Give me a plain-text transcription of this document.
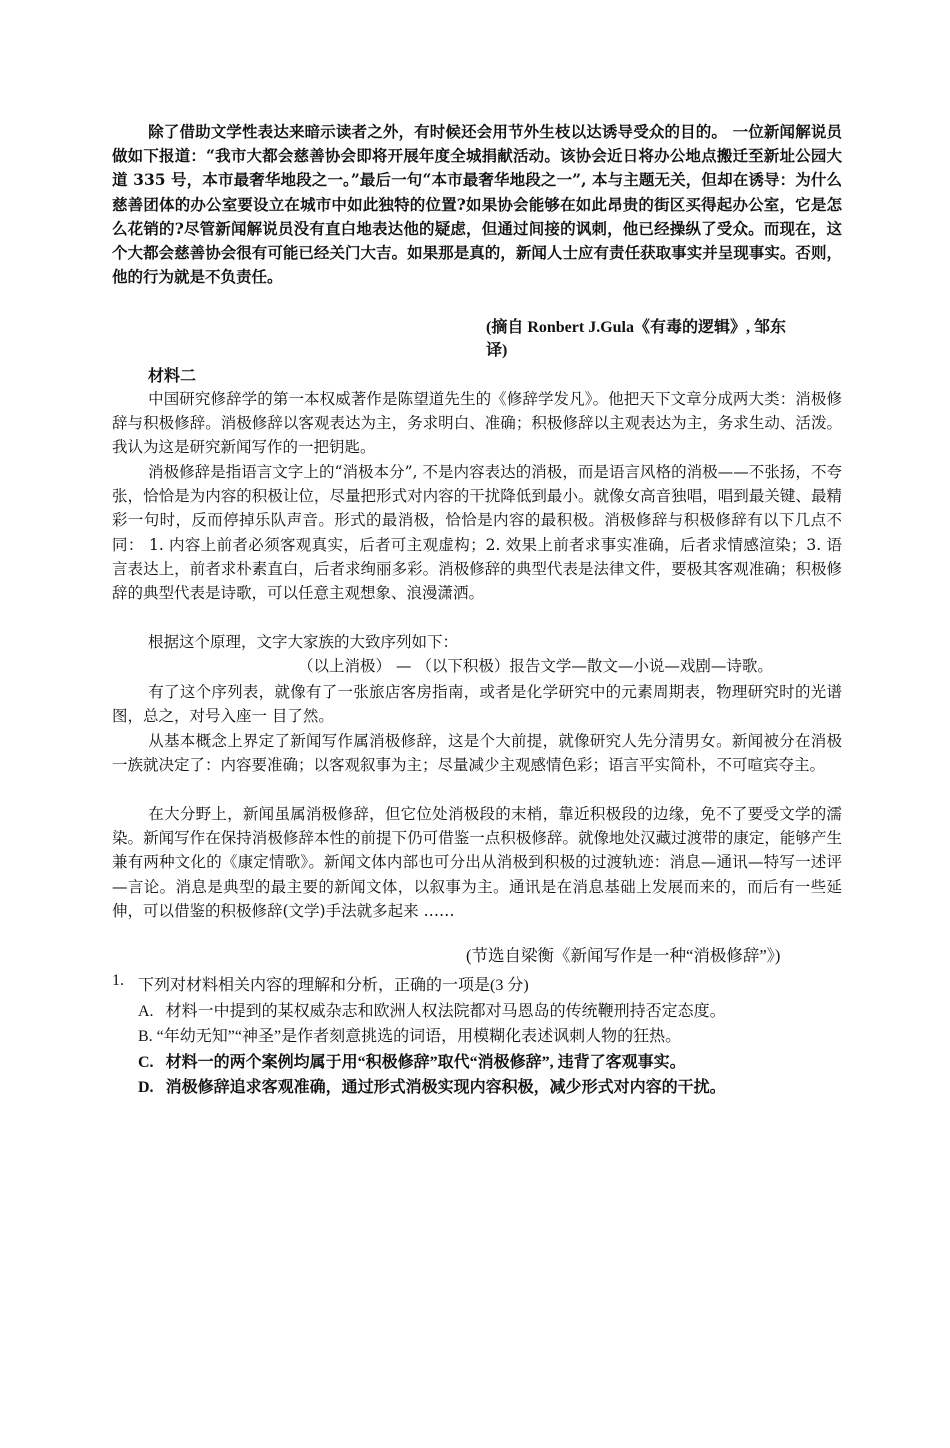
除了借助文学性表达来暗示读者之外，有时候还会用节外生枝以达诱导受众的目的。 一位新闻解说员做如下报道：“我市大都会慈善协会即将开展年度全城捐献活动。该协会近日将办公地点搬迁至新址公园大道 335 号，本市最奢华地段之一。”最后一句“本市最奢华地段之一”, 本与主题无关，但却在诱导：为什么慈善团体的办公室要设立在城市中如此独特的位置?如果协会能够在如此昂贵的街区买得起办公室，它是怎么花销的?尽管新闻解说员没有直白地表达他的疑虑，但通过间接的讽刺，他已经操纵了受众。而现在，这个大都会慈善协会很有可能已经关门大吉。如果那是真的，新闻人士应有责任获取事实并呈现事实。否则，他的行为就是不负责任。

(摘自 Ronbert J.Gula《有毒的逻辑》, 邹东
译)
材料二

中国研究修辞学的第一本权威著作是陈望道先生的《修辞学发凡》。他把天下文章分成两大类：消极修辞与积极修辞。消极修辞以客观表达为主，务求明白、准确；积极修辞以主观表达为主，务求生动、活泼。我认为这是研究新闻写作的一把钥匙。

消极修辞是指语言文字上的“消极本分”, 不是内容表达的消极，而是语言风格的消极——不张扬，不夸张，恰恰是为内容的积极让位，尽量把形式对内容的干扰降低到最小。就像女高音独唱，唱到最关键、最精彩一句时，反而停掉乐队声音。形式的最消极，恰恰是内容的最积极。消极修辞与积极修辞有以下几点不同： 1. 内容上前者必须客观真实，后者可主观虚构；2. 效果上前者求事实准确，后者求情感渲染；3. 语言表达上，前者求朴素直白，后者求绚丽多彩。消极修辞的典型代表是法律文件，要极其客观准确；积极修辞的典型代表是诗歌，可以任意主观想象、浪漫潇洒。

根据这个原理，文字大家族的大致序列如下：

（以上消极） — （以下积极）报告文学—散文—小说—戏剧—诗歌。

有了这个序列表，就像有了一张旅店客房指南，或者是化学研究中的元素周期表，物理研究时的光谱图，总之，对号入座一 目了然。

从基本概念上界定了新闻写作属消极修辞，这是个大前提，就像研究人先分清男女。新闻被分在消极一族就决定了：内容要准确；以客观叙事为主；尽量减少主观感情色彩；语言平实简朴，不可喧宾夺主。

在大分野上，新闻虽属消极修辞，但它位处消极段的末梢，靠近积极段的边缘，免不了要受文学的濡染。新闻写作在保持消极修辞本性的前提下仍可借鉴一点积极修辞。就像地处汉藏过渡带的康定，能够产生兼有两种文化的《康定情歌》。新闻文体内部也可分出从消极到积极的过渡轨迹：消息—通讯—特写一述评—言论。消息是典型的最主要的新闻文体，以叙事为主。通讯是在消息基础上发展而来的，而后有一些延伸，可以借鉴的积极修辞(文学)手法就多起来 ……

(节选自梁衡《新闻写作是一种“消极修辞”》)
1. 下列对材料相关内容的理解和分析，正确的一项是(3 分)
A. 材料一中提到的某权威杂志和欧洲人权法院都对马恩岛的传统鞭刑持否定态度。
B. “年幼无知”“神圣”是作者刻意挑选的词语，用模糊化表述讽刺人物的狂热。
C. 材料一的两个案例均属于用“积极修辞”取代“消极修辞”, 违背了客观事实。
D. 消极修辞追求客观准确，通过形式消极实现内容积极，减少形式对内容的干扰。
